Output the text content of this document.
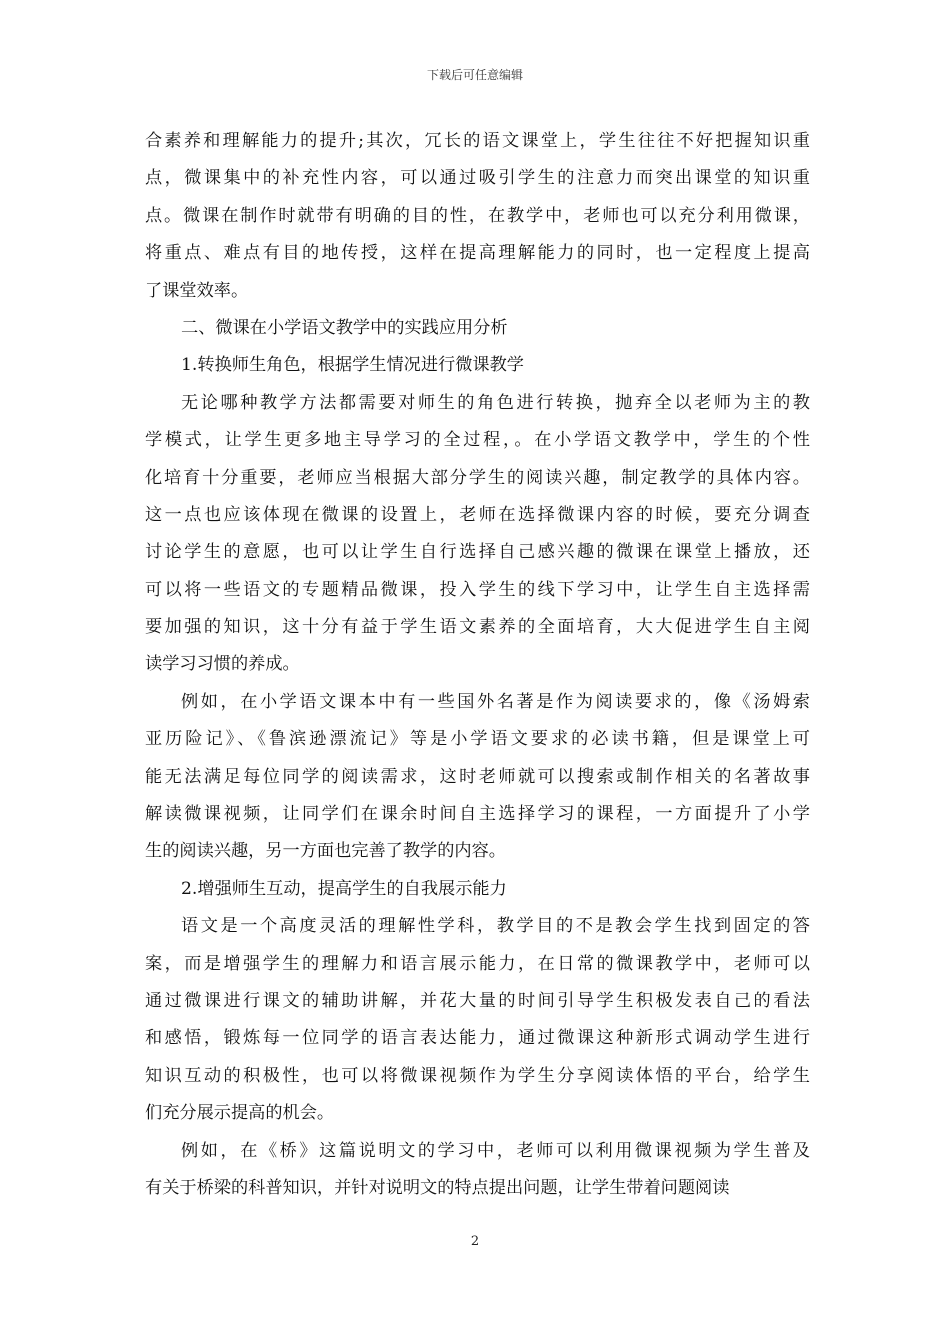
下载后可任意编辑
合素养和理解能力的提升;其次，冗长的语文课堂上，学生往往不好把握知识重
点，微课集中的补充性内容，可以通过吸引学生的注意力而突出课堂的知识重
点。微课在制作时就带有明确的目的性，在教学中，老师也可以充分利用微课，
将重点、难点有目的地传授，这样在提高理解能力的同时，也一定程度上提高
了课堂效率。
二、微课在小学语文教学中的实践应用分析
1.转换师生角色，根据学生情况进行微课教学
无论哪种教学方法都需要对师生的角色进行转换，抛弃全以老师为主的教
学模式，让学生更多地主导学习的全过程，。在小学语文教学中，学生的个性
化培育十分重要，老师应当根据大部分学生的阅读兴趣，制定教学的具体内容。
这一点也应该体现在微课的设置上，老师在选择微课内容的时候，要充分调查
讨论学生的意愿，也可以让学生自行选择自己感兴趣的微课在课堂上播放，还
可以将一些语文的专题精品微课，投入学生的线下学习中，让学生自主选择需
要加强的知识，这十分有益于学生语文素养的全面培育，大大促进学生自主阅
读学习习惯的养成。
例如，在小学语文课本中有一些国外名著是作为阅读要求的，像《汤姆索
亚历险记》、《鲁滨逊漂流记》等是小学语文要求的必读书籍，但是课堂上可
能无法满足每位同学的阅读需求，这时老师就可以搜索或制作相关的名著故事
解读微课视频，让同学们在课余时间自主选择学习的课程，一方面提升了小学
生的阅读兴趣，另一方面也完善了教学的内容。
2.增强师生互动，提高学生的自我展示能力
语文是一个高度灵活的理解性学科，教学目的不是教会学生找到固定的答
案，而是增强学生的理解力和语言展示能力，在日常的微课教学中，老师可以
通过微课进行课文的辅助讲解，并花大量的时间引导学生积极发表自己的看法
和感悟，锻炼每一位同学的语言表达能力，通过微课这种新形式调动学生进行
知识互动的积极性，也可以将微课视频作为学生分享阅读体悟的平台，给学生
们充分展示提高的机会。
例如，在《桥》这篇说明文的学习中，老师可以利用微课视频为学生普及
有关于桥梁的科普知识，并针对说明文的特点提出问题，让学生带着问题阅读
2
